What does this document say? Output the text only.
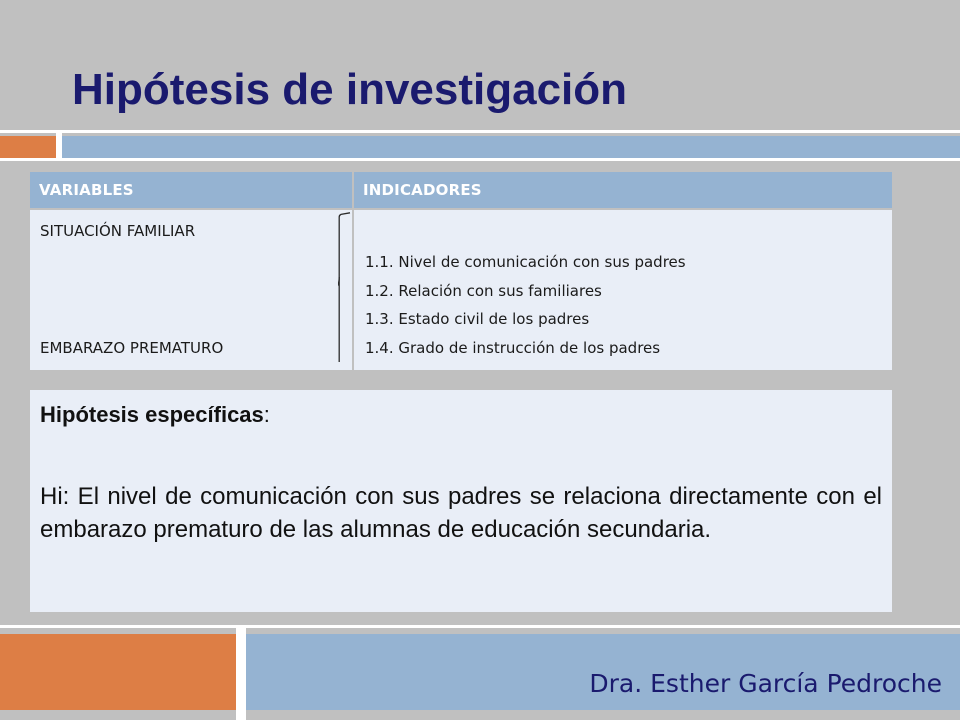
Hipótesis de investigación
VARIABLES	INDICADORES
SITUACIÓN FAMILIAR
EMBARAZO PREMATURO
1.1. Nivel de comunicación con sus padres
1.2. Relación con sus familiares
1.3. Estado civil de los padres
1.4. Grado de instrucción de los padres

Hipótesis específicas:

Hi: El nivel de comunicación con sus padres se relaciona directamente con el embarazo prematuro de las alumnas de educación secundaria.

Dra. Esther García Pedroche
